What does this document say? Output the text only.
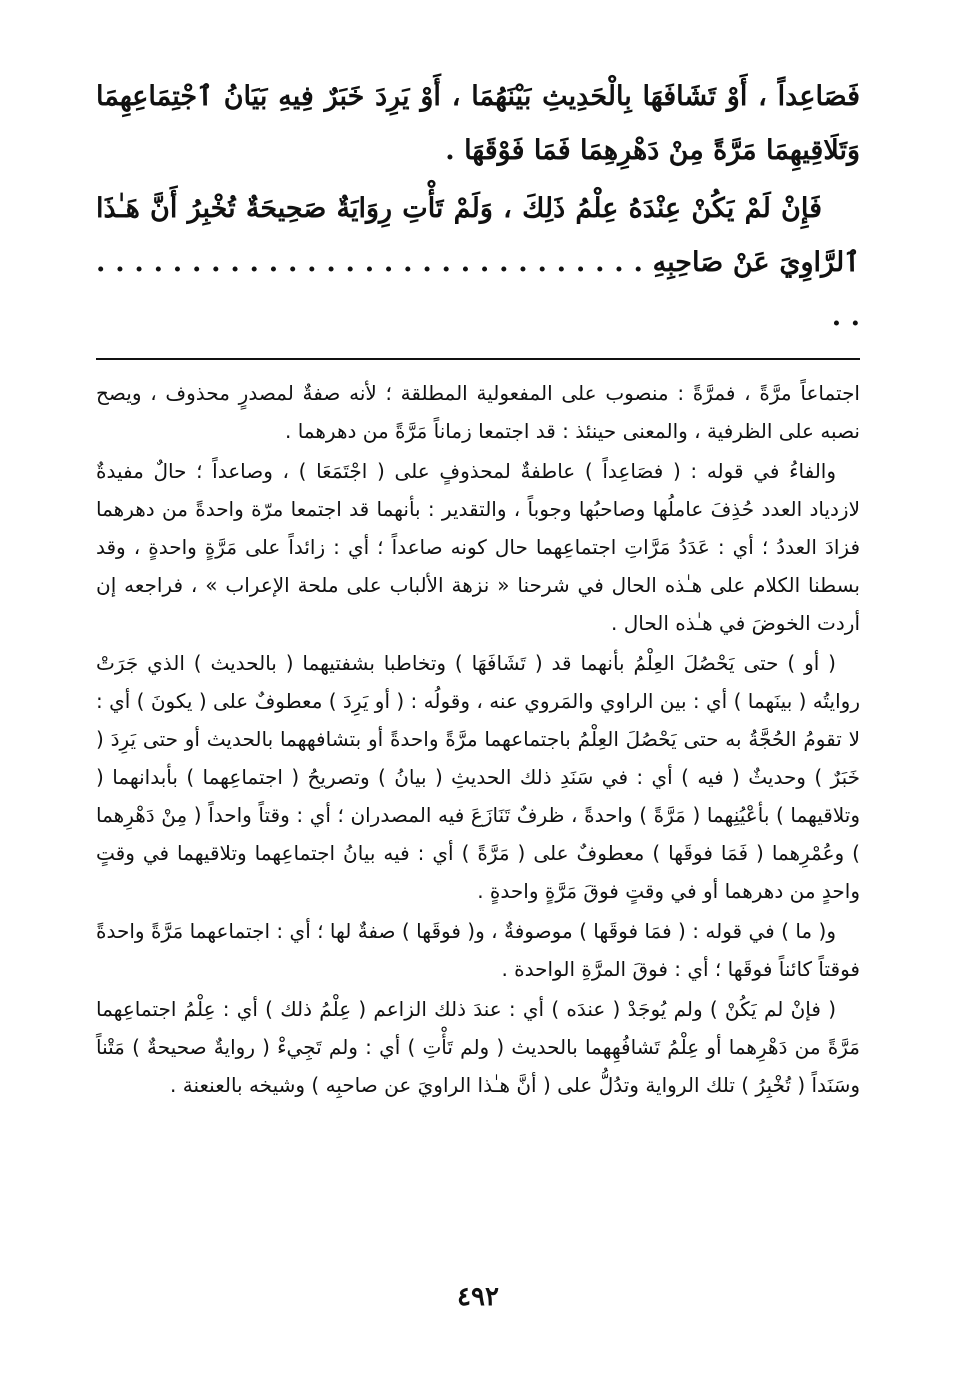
فَصَاعِداً ، أَوْ تَشَافَهَا بِالْحَدِيثِ بَيْنَهُمَا ، أَوْ يَرِدَ خَبَرٌ فِيهِ بَيَانُ ٱجْتِمَاعِهِمَا وَتَلَاقِيهِمَا مَرَّةً مِنْ دَهْرِهِمَا فَمَا فَوْقَهَا .

فَإِنْ لَمْ يَكُنْ عِنْدَهُ عِلْمُ ذَلِكَ ، وَلَمْ تَأْتِ رِوَايَةٌ صَحِيحَةٌ تُخْبِرُ أَنَّ هَـٰذَا ٱلرَّاوِيَ عَنْ صَاحِبِهِ . . . . . . . . . . . . . . . . . . . . . . . . . . . . . . .

اجتماعاً مرَّةً ، فمرَّةً : منصوب على المفعولية المطلقة ؛ لأنه صفةٌ لمصدرٍ محذوف ، ويصح نصبه على الظرفية ، والمعنى حينئذ : قد اجتمعا زماناً مَرَّةً من دهرهما .

والفاءُ في قوله : ( فصَاعِداً ) عاطفةٌ لمحذوفٍ على ( اجْتَمَعَا ) ، وصاعداً ؛ حالٌ مفيدةٌ لازدياد العدد حُذِفَ عاملُها وصاحبُها وجوباً ، والتقدير : بأنهما قد اجتمعا مرّة واحدةً من دهرهما فزادَ العددُ ؛ أي : عَدَدُ مَرَّاتِ اجتماعِهما حال كونه صاعداً ؛ أي : زائداً على مَرَّةٍ واحدةٍ ، وقد بسطنا الكلام على هـٰذه الحال في شرحنا « نزهة الألباب على ملحة الإعراب » ، فراجعه إن أردت الخوضَ في هـٰذه الحال .

( أو ) حتى يَحْصُلَ العِلْمُ بأنهما قد ( تَشَافَهَا ) وتخاطبا بشفتيهما ( بالحديث ) الذي جَرَتْ روايتُه ( بينَهما ) أي : بين الراوي والمَروي عنه ، وقولُه : ( أو يَرِدَ ) معطوفٌ على ( يكونَ ) أي : لا تقومُ الحُجَّةُ به حتى يَحْصُلَ العِلْمُ باجتماعهما مرَّةً واحدةً أو بتشافههما بالحديث أو حتى يَرِدَ ( خَبَرٌ ) وحديثٌ ( فيه ) أي : في سَنَدِ ذلك الحديثِ ( بيانُ ) وتصريحُ ( اجتماعِهما ) بأبدانهما ( وتلاقيهما ) بأعْيُنِهما ( مَرَّةً ) واحدةً ، ظرفٌ تَنَازَعَ فيه المصدران ؛ أي : وقتاً واحداً ( مِنْ دَهْرِهما ) وعُمْرِهما ( فَمَا فوقَها ) معطوفٌ على ( مَرَّةً ) أي : فيه بيانُ اجتماعِهما وتلاقيهما في وقتٍ واحدٍ من دهرهما أو في وقتٍ فوقَ مَرَّةٍ واحدةٍ .

و( ما ) في قوله : ( فمَا فوقَها ) موصوفةٌ ، و( فوقَها ) صفةٌ لها ؛ أي : اجتماعهما مَرَّةً واحدةً فوقتاً كائناً فوقَها ؛ أي : فوقَ المرَّةِ الواحدة .

( فإنْ لم يَكُنْ ) ولم يُوجَدْ ( عندَه ) أي : عندَ ذلك الزاعم ( عِلْمُ ذلك ) أي : عِلْمُ اجتماعِهما مَرَّةً من دَهْرِهما أو عِلْمُ تَشافُهِهما بالحديث ( ولم تَأْتِ ) أي : ولم تَجِيءْ ( روايةٌ صحيحةٌ ) مَتْناً وسَنَداً ( تُخْبِرُ ) تلك الرواية وتدُلُّ على ( أنَّ هـٰذا الراويَ عن صاحبِه ) وشيخه بالعنعنة .

٤٩٢
